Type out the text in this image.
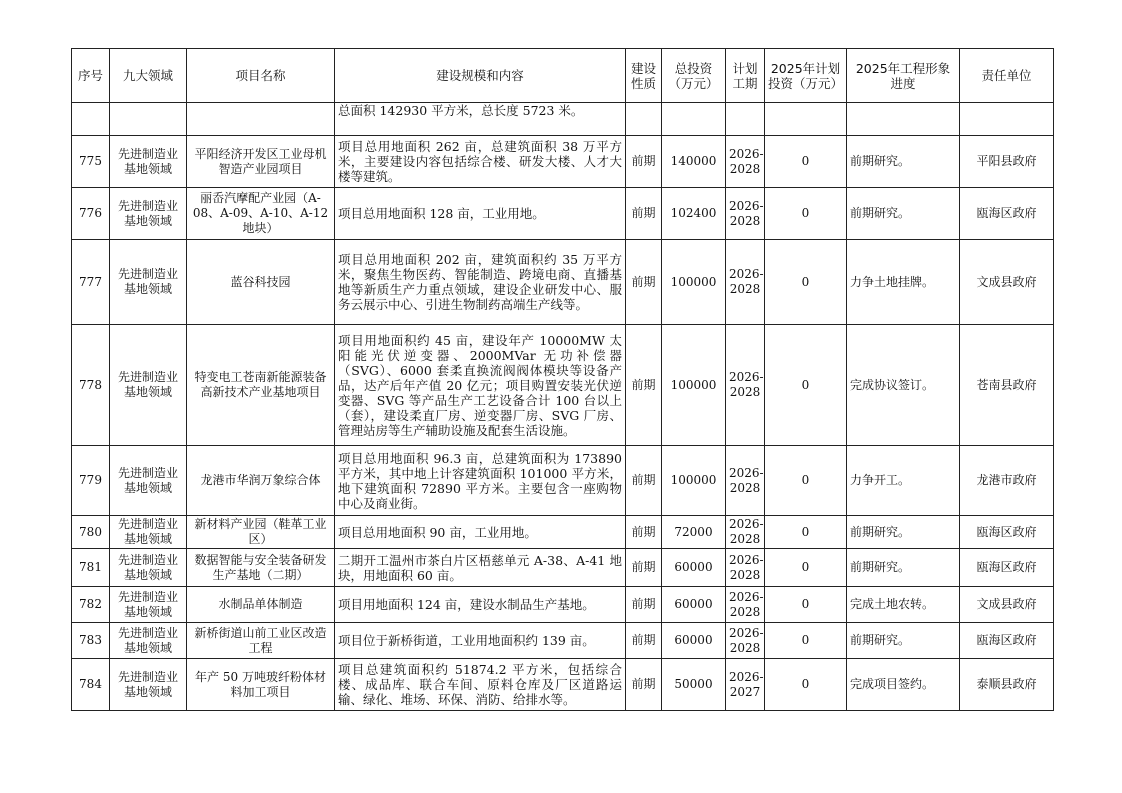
序号	九大领域	项目名称	建设规模和内容	建设性质	总投资（万元）	计划工期	2025年计划投资（万元）	2025年工程形象进度	责任单位
			总面积 142930 平方米，总长度 5723 米。						
775	先进制造业基地领域	平阳经济开发区工业母机智造产业园项目	项目总用地面积 262 亩，总建筑面积 38 万平方米，主要建设内容包括综合楼、研发大楼、人才大楼等建筑。	前期	140000	2026-2028	0	前期研究。	平阳县政府
776	先进制造业基地领域	丽岙汽摩配产业园（A-08、A-09、A-10、A-12 地块）	项目总用地面积 128 亩，工业用地。	前期	102400	2026-2028	0	前期研究。	瓯海区政府
777	先进制造业基地领域	蓝谷科技园	项目总用地面积 202 亩，建筑面积约 35 万平方米，聚焦生物医药、智能制造、跨境电商、直播基地等新质生产力重点领域，建设企业研发中心、服务云展示中心、引进生物制药高端生产线等。	前期	100000	2026-2028	0	力争土地挂牌。	文成县政府
778	先进制造业基地领域	特变电工苍南新能源装备高新技术产业基地项目	项目用地面积约 45 亩，建设年产 10000MW 太阳能光伏逆变器、2000MVar 无功补偿器（SVG）、6000 套柔直换流阀阀体模块等设备产品，达产后年产值 20 亿元；项目购置安装光伏逆变器、SVG 等产品生产工艺设备合计 100 台以上（套），建设柔直厂房、逆变器厂房、SVG 厂房、管理站房等生产辅助设施及配套生活设施。	前期	100000	2026-2028	0	完成协议签订。	苍南县政府
779	先进制造业基地领域	龙港市华润万象综合体	项目总用地面积 96.3 亩，总建筑面积为 173890 平方米，其中地上计容建筑面积 101000 平方米，地下建筑面积 72890 平方米。主要包含一座购物中心及商业街。	前期	100000	2026-2028	0	力争开工。	龙港市政府
780	先进制造业基地领域	新材料产业园（鞋革工业区）	项目总用地面积 90 亩，工业用地。	前期	72000	2026-2028	0	前期研究。	瓯海区政府
781	先进制造业基地领域	数据智能与安全装备研发生产基地（二期）	二期开工温州市茶白片区梧慈单元 A-38、A-41 地块，用地面积 60 亩。	前期	60000	2026-2028	0	前期研究。	瓯海区政府
782	先进制造业基地领域	水制品单体制造	项目用地面积 124 亩，建设水制品生产基地。	前期	60000	2026-2028	0	完成土地农转。	文成县政府
783	先进制造业基地领域	新桥街道山前工业区改造工程	项目位于新桥街道，工业用地面积约 139 亩。	前期	60000	2026-2028	0	前期研究。	瓯海区政府
784	先进制造业基地领域	年产 50 万吨玻纤粉体材料加工项目	项目总建筑面积约 51874.2 平方米，包括综合楼、成品库、联合车间、原料仓库及厂区道路运输、绿化、堆场、环保、消防、给排水等。	前期	50000	2026-2027	0	完成项目签约。	泰顺县政府
